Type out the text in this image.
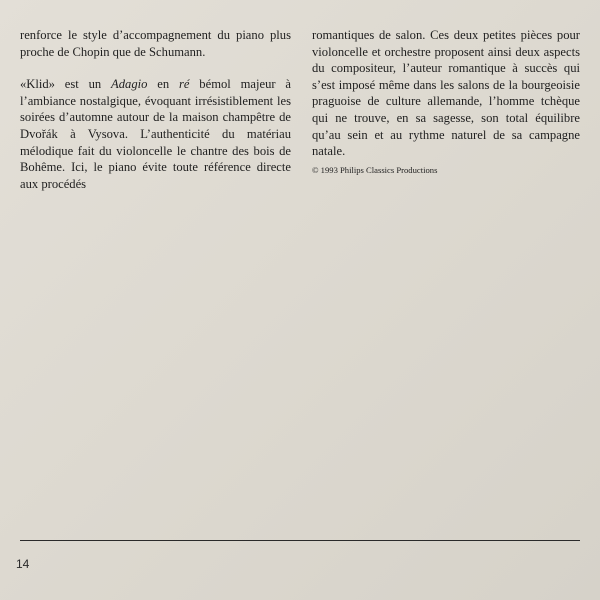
renforce le style d’accompagnement du piano plus proche de Chopin que de Schumann.

«Klid» est un Adagio en ré bémol majeur à l’ambiance nostalgique, évoquant irrésistiblement les soirées d’automne autour de la maison champêtre de Dvořák à Vysova. L’authenticité du matériau mélodique fait du violoncelle le chantre des bois de Bohême. Ici, le piano évite toute référence directe aux procédés

romantiques de salon. Ces deux petites pièces pour violoncelle et orchestre proposent ainsi deux aspects du compositeur, l’auteur romantique à succès qui s’est imposé même dans les salons de la bourgeoisie praguoise de culture allemande, l’homme tchèque qui ne trouve, en sa sagesse, son total équilibre qu’au sein et au rythme naturel de sa campagne natale.

© 1993 Philips Classics Productions

14
